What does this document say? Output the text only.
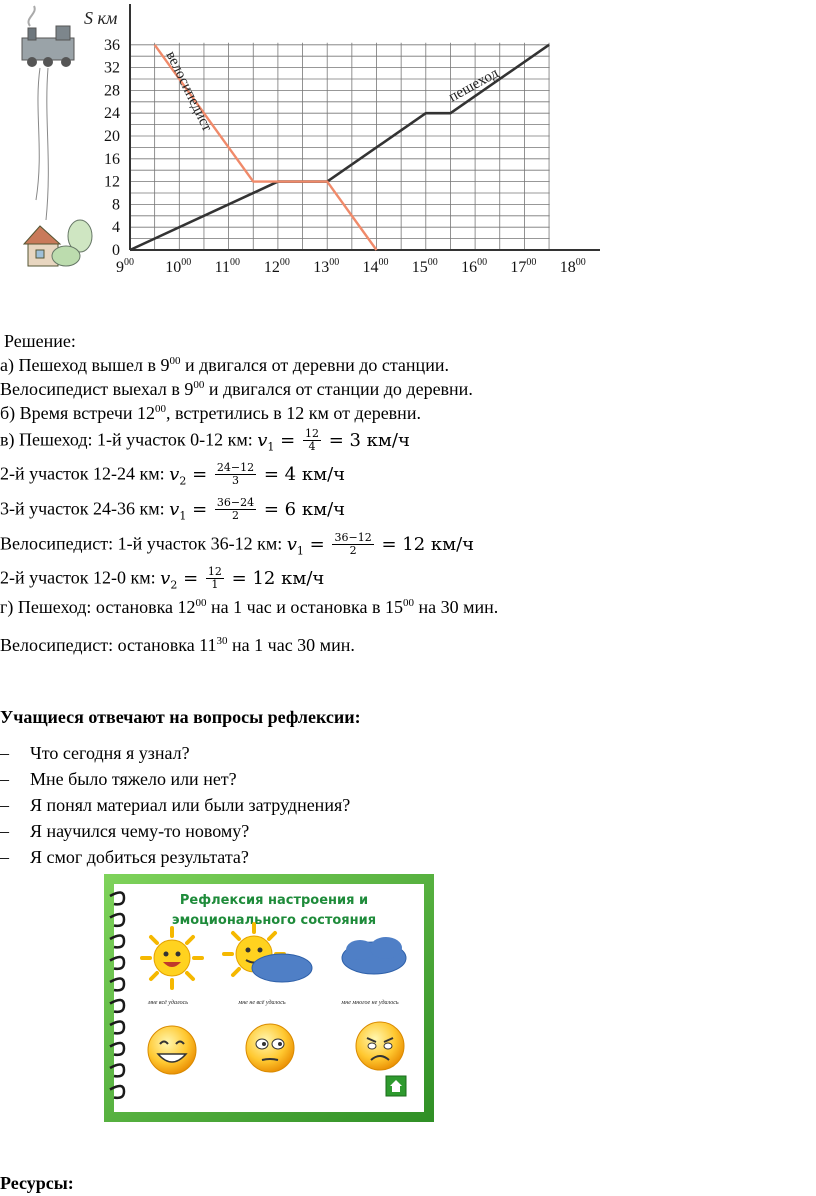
0
4
8
12
16
20
24
28
32
36
$9^{00}$ $10^{00}$ $11^{00}$ $12^{00}$ $13^{00}$ $14^{00}$ $15^{00}$ $16^{00}$ $17^{00}$ $18^{00}$
S км
пешеход
велосипедист
Решение:
а) Пешеход вышел в $9^{00}$ и двигался от деревни до станции.
Велосипедист выехал в $9^{00}$ и двигался от станции до деревни.
б) Время встречи $12^{00}$, встретились в 12 км от деревни.
в) Пешеход: 1-й участок 0-12 км: $v_1 = \frac{12}{4} = 3$ км/ч
2-й участок 12-24 км: $v_2 = \frac{24-12}{3} = 4$ км/ч
3-й участок 24-36 км: $v_1 = \frac{36-24}{2} = 6$ км/ч
Велосипедист: 1-й участок 36-12 км: $v_1 = \frac{36-12}{2} = 12$ км/ч
2-й участок 12-0 км: $v_2 = \frac{12}{1} = 12$ км/ч
г) Пешеход: остановка $12^{00}$ на 1 час и остановка в $15^{00}$ на 30 мин.
Велосипедист: остановка $11^{30}$ на 1 час 30 мин.
Учащиеся отвечают на вопросы рефлексии:
– Что сегодня я узнал?
– Мне было тяжело или нет?
– Я понял материал или были затруднения?
– Я научился чему-то новому?
– Я смог добиться результата?
Рефлексия настроения и
эмоционального состояния
мне всё удалось	мне не всё удалось	мне многое не удалось
Ресурсы:
